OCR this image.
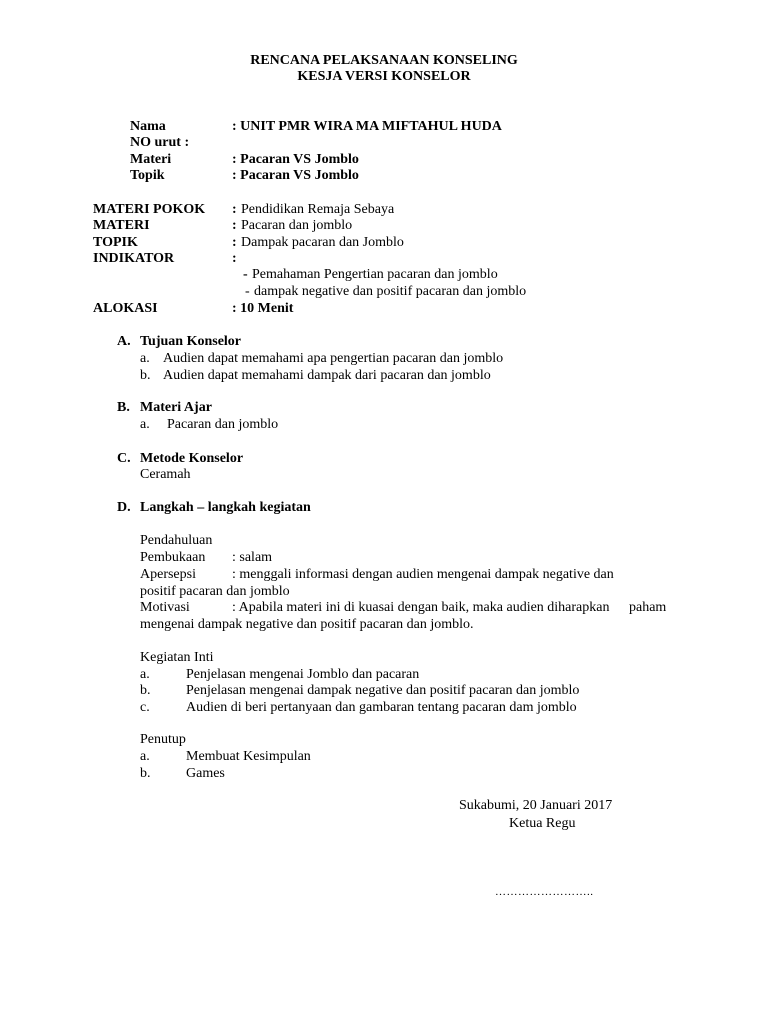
RENCANA PELAKSANAAN KONSELING
KESJA VERSI KONSELOR
Nama	: UNIT PMR WIRA MA MIFTAHUL HUDA
NO urut :
Materi	: Pacaran VS Jomblo
Topik	: Pacaran VS Jomblo
MATERI POKOK : Pendidikan Remaja Sebaya
MATERI	: Pacaran dan jomblo
TOPIK	: Dampak pacaran dan Jomblo
INDIKATOR	:
- Pemahaman Pengertian pacaran dan jomblo
- dampak negative dan positif pacaran dan jomblo
ALOKASI	: 10 Menit
A. Tujuan Konselor
a. Audien dapat memahami apa pengertian pacaran dan jomblo
b. Audien dapat memahami dampak dari pacaran dan jomblo
B. Materi Ajar
a. Pacaran dan jomblo
C. Metode Konselor
Ceramah
D. Langkah – langkah kegiatan
Pendahuluan
Pembukaan : salam
Apersepsi	: menggali informasi dengan audien mengenai dampak negative dan
positif pacaran dan jomblo
Motivasi	: Apabila materi ini di kuasai dengan baik, maka audien diharapkan paham
mengenai dampak negative dan positif pacaran dan jomblo.
Kegiatan Inti
a.	Penjelasan mengenai Jomblo dan pacaran
b.	Penjelasan mengenai dampak negative dan positif pacaran dan jomblo
c.	Audien di beri pertanyaan dan gambaran tentang pacaran dam jomblo
Penutup
a.	Membuat Kesimpulan
b.	Games
Sukabumi, 20 Januari 2017
Ketua Regu
……………………..
